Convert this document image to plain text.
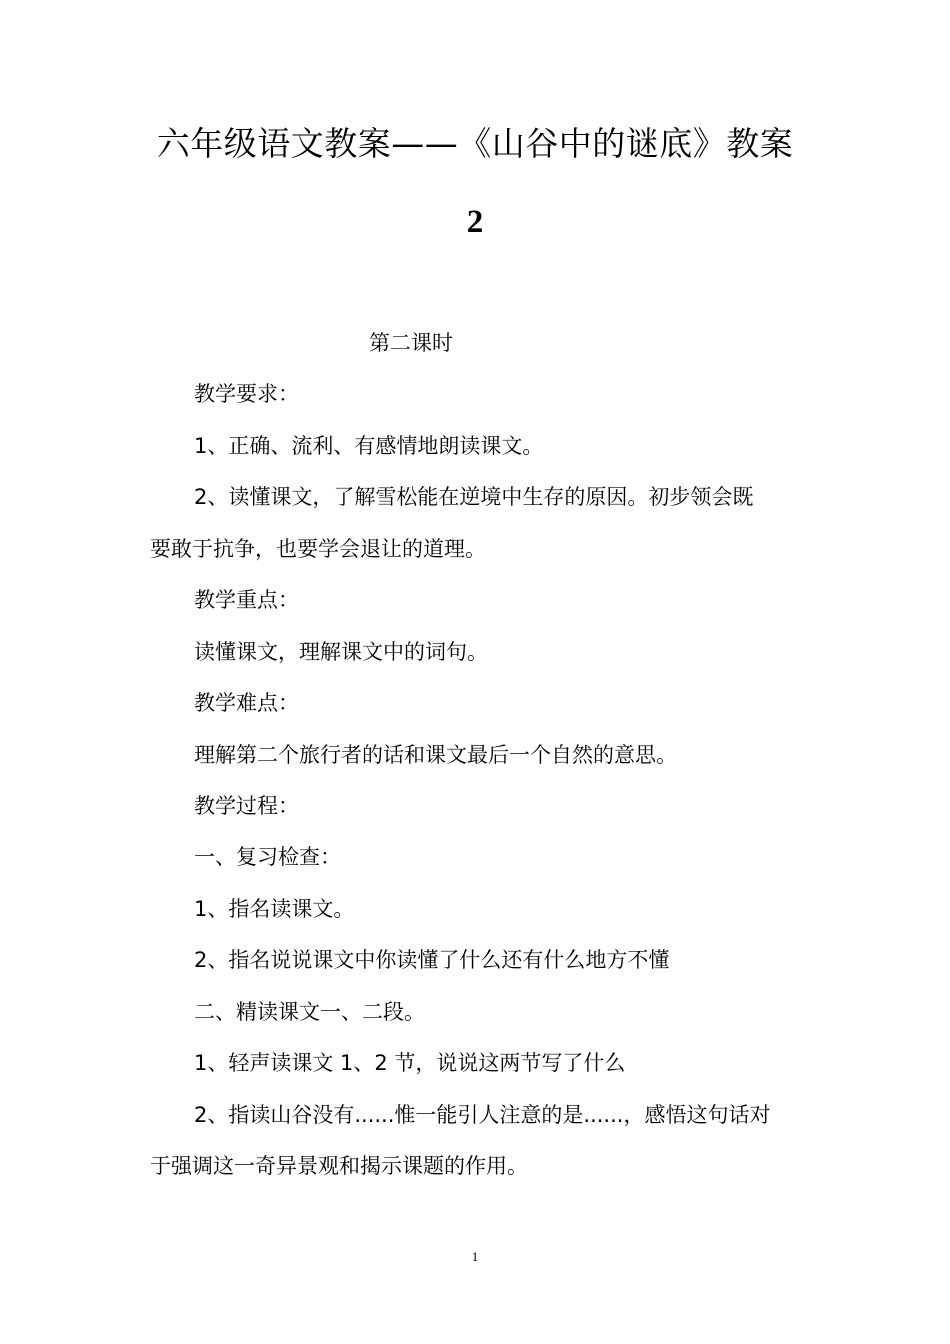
六年级语文教案——《山谷中的谜底》教案
2
第二课时
教学要求：
1、正确、流利、有感情地朗读课文。
2、读懂课文，了解雪松能在逆境中生存的原因。初步领会既
要敢于抗争，也要学会退让的道理。
教学重点：
读懂课文，理解课文中的词句。
教学难点：
理解第二个旅行者的话和课文最后一个自然的意思。
教学过程：
一、复习检查：
1、指名读课文。
2、指名说说课文中你读懂了什么还有什么地方不懂
二、精读课文一、二段。
1、轻声读课文 1、2 节，说说这两节写了什么
2、指读山谷没有......惟一能引人注意的是......，感悟这句话对
于强调这一奇异景观和揭示课题的作用。
1
